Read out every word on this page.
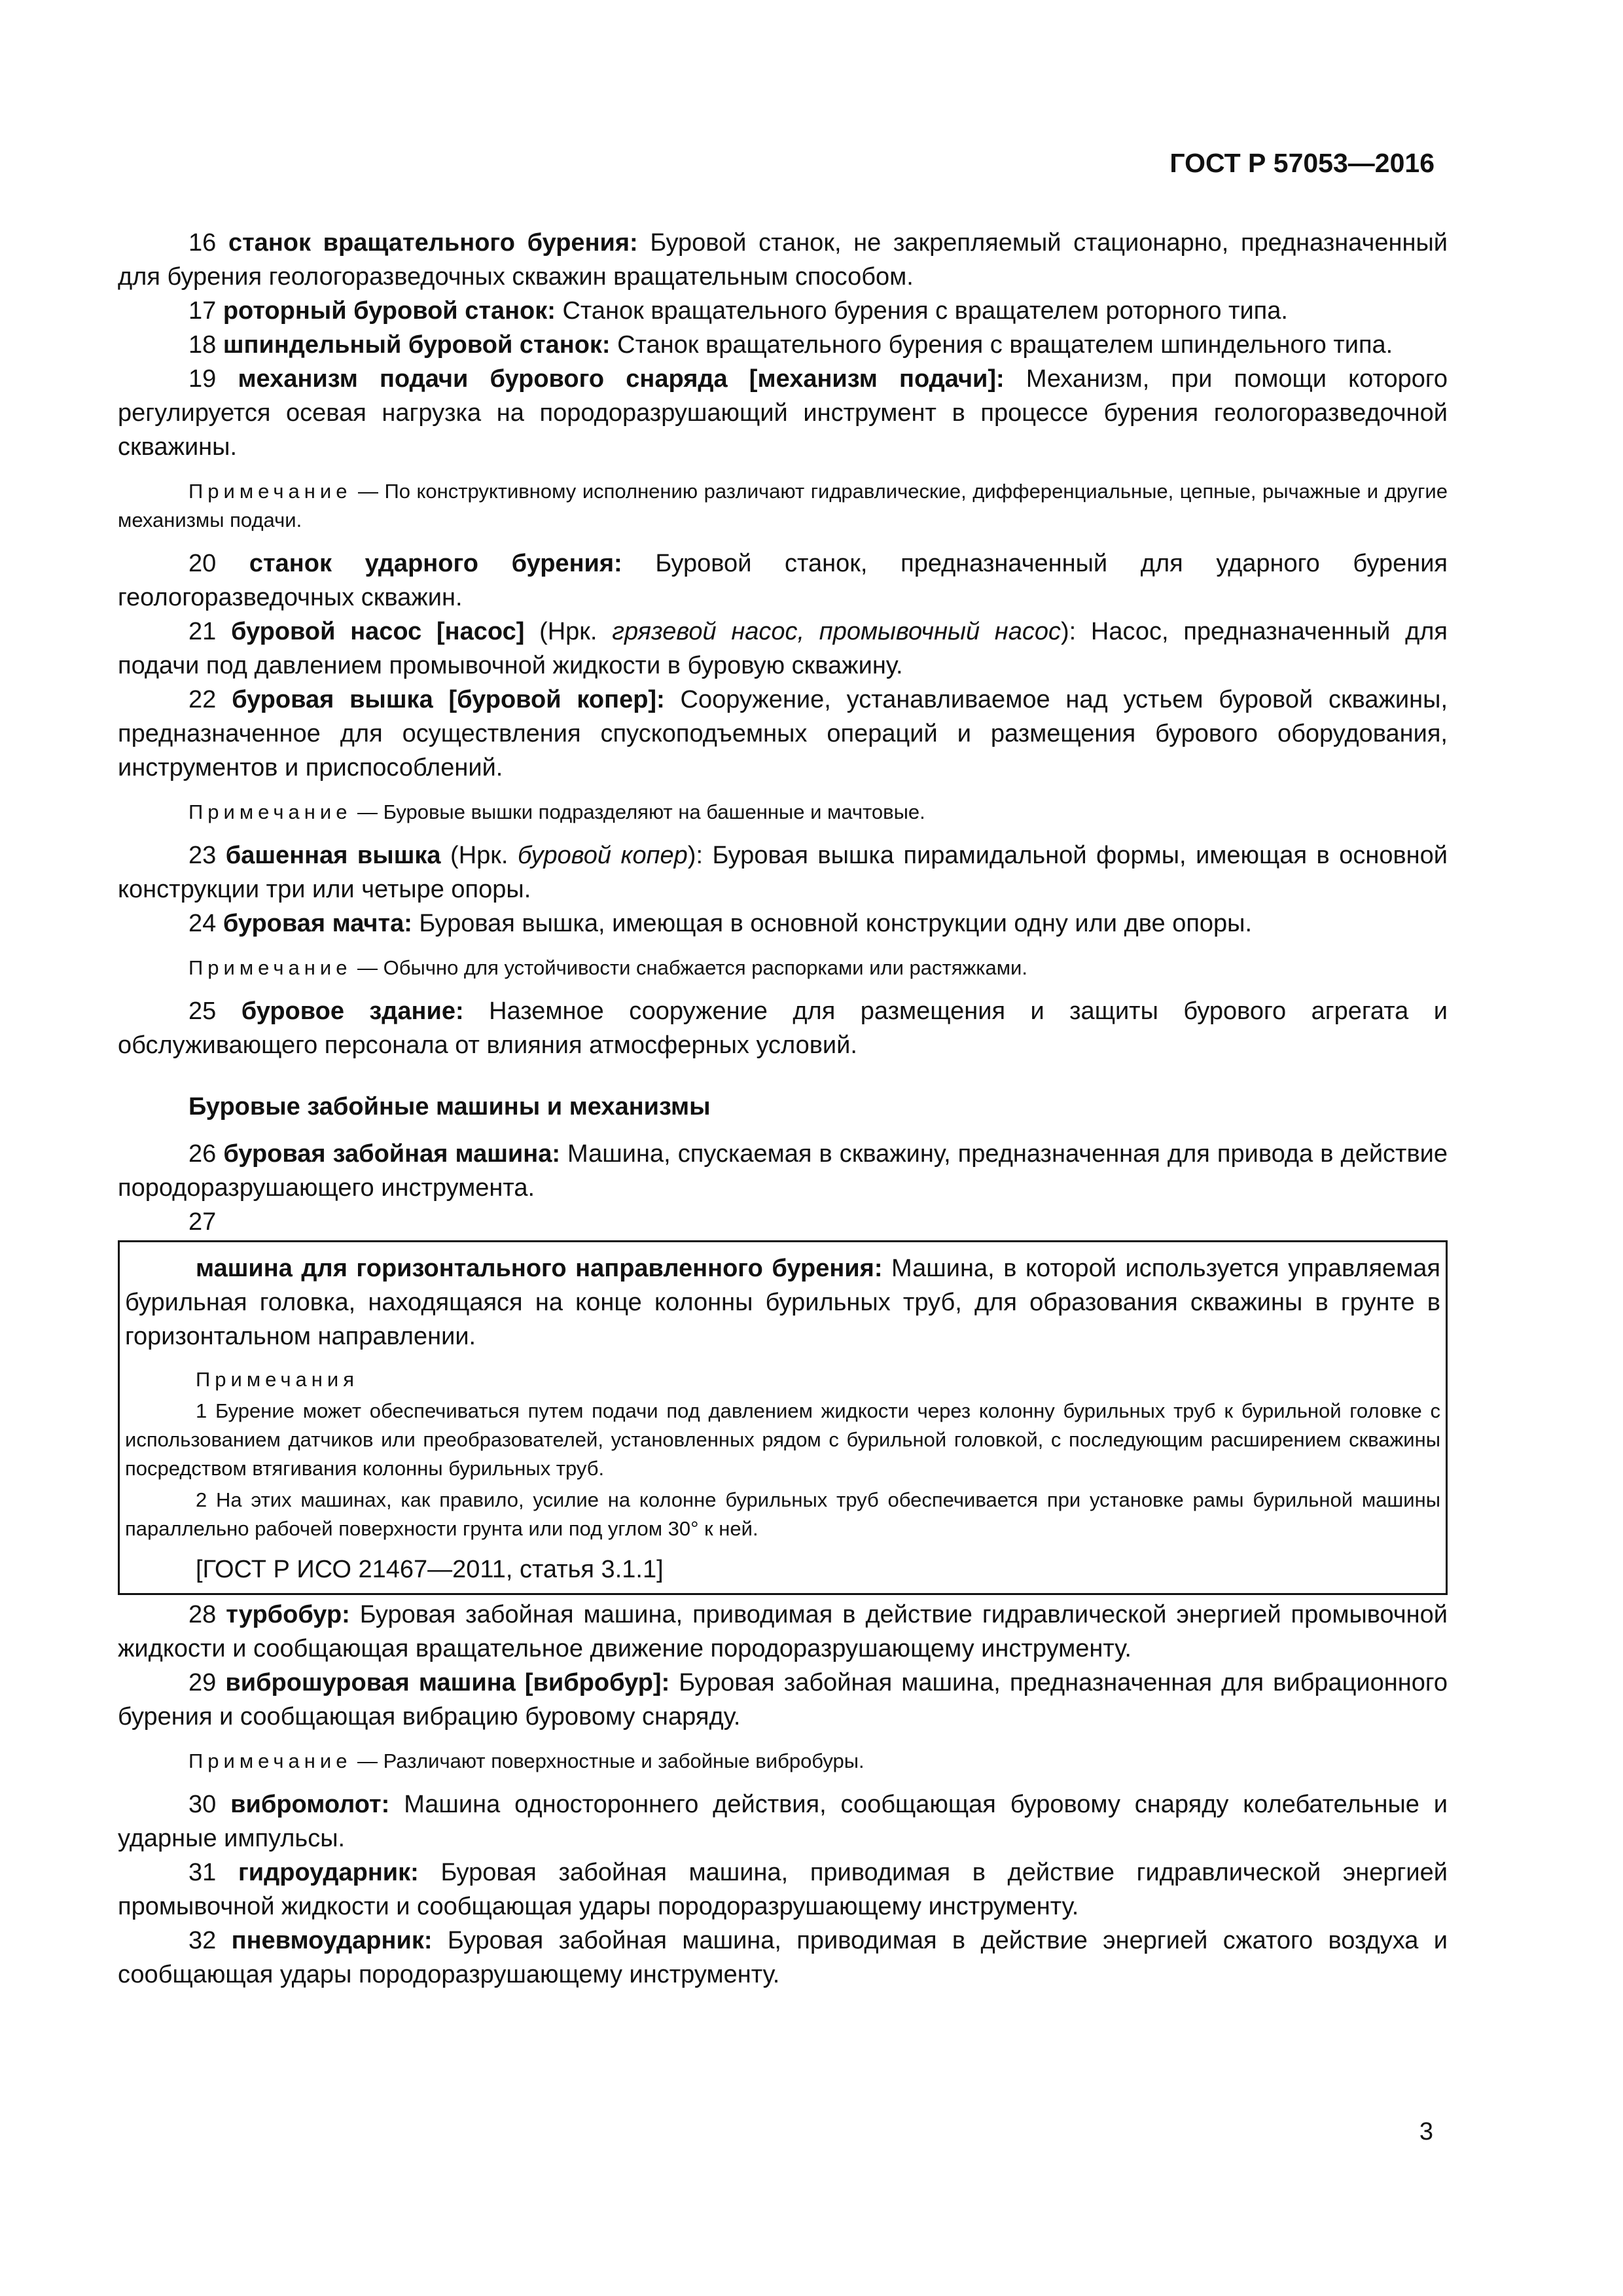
ГОСТ Р 57053—2016

16 станок вращательного бурения: Буровой станок, не закрепляемый стационарно, предназначенный для бурения геологоразведочных скважин вращательным способом.

17 роторный буровой станок: Станок вращательного бурения с вращателем роторного типа.

18 шпиндельный буровой станок: Станок вращательного бурения с вращателем шпиндельного типа.

19 механизм подачи бурового снаряда [механизм подачи]: Механизм, при помощи которого регулируется осевая нагрузка на породоразрушающий инструмент в процессе бурения геологоразведочной скважины.

Примечание — По конструктивному исполнению различают гидравлические, дифференциальные, цепные, рычажные и другие механизмы подачи.

20 станок ударного бурения: Буровой станок, предназначенный для ударного бурения геологоразведочных скважин.

21 буровой насос [насос] (Нрк. грязевой насос, промывочный насос): Насос, предназначенный для подачи под давлением промывочной жидкости в буровую скважину.

22 буровая вышка [буровой копер]: Сооружение, устанавливаемое над устьем буровой скважины, предназначенное для осуществления спускоподъемных операций и размещения бурового оборудования, инструментов и приспособлений.

Примечание — Буровые вышки подразделяют на башенные и мачтовые.

23 башенная вышка (Нрк. буровой копер): Буровая вышка пирамидальной формы, имеющая в основной конструкции три или четыре опоры.

24 буровая мачта: Буровая вышка, имеющая в основной конструкции одну или две опоры.

Примечание — Обычно для устойчивости снабжается распорками или растяжками.

25 буровое здание: Наземное сооружение для размещения и защиты бурового агрегата и обслуживающего персонала от влияния атмосферных условий.

Буровые забойные машины и механизмы

26 буровая забойная машина: Машина, спускаемая в скважину, предназначенная для привода в действие породоразрушающего инструмента.

27

машина для горизонтального направленного бурения: Машина, в которой используется управляемая бурильная головка, находящаяся на конце колонны бурильных труб, для образования скважины в грунте в горизонтальном направлении.

Примечания

1 Бурение может обеспечиваться путем подачи под давлением жидкости через колонну бурильных труб к бурильной головке с использованием датчиков или преобразователей, установленных рядом с бурильной головкой, с последующим расширением скважины посредством втягивания колонны бурильных труб.

2 На этих машинах, как правило, усилие на колонне бурильных труб обеспечивается при установке рамы бурильной машины параллельно рабочей поверхности грунта или под углом 30° к ней.

[ГОСТ Р ИСО 21467—2011, статья 3.1.1]

28 турбобур: Буровая забойная машина, приводимая в действие гидравлической энергией промывочной жидкости и сообщающая вращательное движение породоразрушающему инструменту.

29 виброшуровая машина [вибробур]: Буровая забойная машина, предназначенная для вибрационного бурения и сообщающая вибрацию буровому снаряду.

Примечание — Различают поверхностные и забойные вибробуры.

30 вибромолот: Машина одностороннего действия, сообщающая буровому снаряду колебательные и ударные импульсы.

31 гидроударник: Буровая забойная машина, приводимая в действие гидравлической энергией промывочной жидкости и сообщающая удары породоразрушающему инструменту.

32 пневмоударник: Буровая забойная машина, приводимая в действие энергией сжатого воздуха и сообщающая удары породоразрушающему инструменту.

3
